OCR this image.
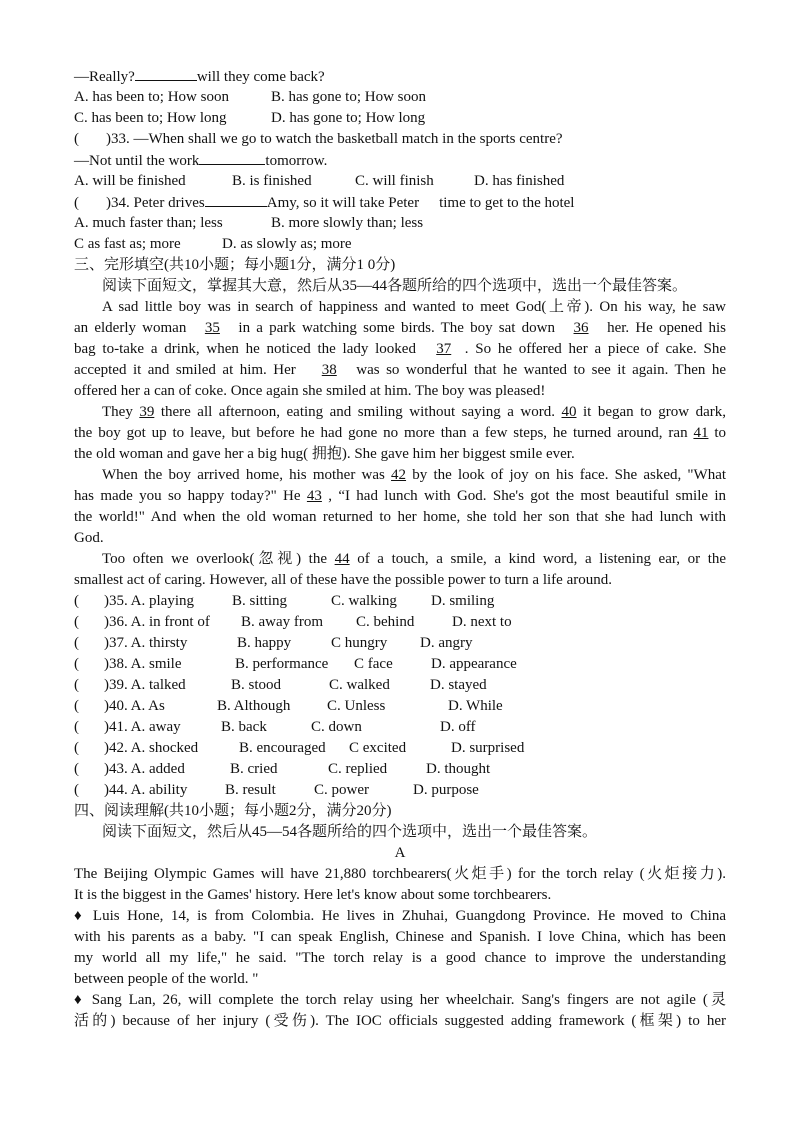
—Really?	will they come back?
A. has been to; How soon	B. has gone to; How soon
C. has been to; How long	D. has gone to; How long
( )33. —When shall we go to watch the basketball match in the sports centre?
—Not until the work	tomorrow.
A. will be finished	B. is finished	C. will finish	D. has finished
( )34. Peter drives	Amy, so it will take Peter time to get to the hotel
A. much faster than; less	B. more slowly than; less
C as fast as; more	D. as slowly as; more
三、完形填空(共10小题；每小题1分，满分1 0分)
阅读下面短文，掌握其大意，然后从35—44各题所给的四个选项中，选出一个最佳答案。
A sad little boy was in search of happiness and wanted to meet God(上帝). On his way, he saw
an elderly woman 35 in a park watching some birds. The boy sat down 36 her. He opened his
bag to-take a drink, when he noticed the lady looked 37 . So he offered her a piece of cake. She
accepted it and smiled at him. Her 38 was so wonderful that he wanted to see it again. Then he
offered her a can of coke. Once again she smiled at him. The boy was pleased!
They 39 there all afternoon, eating and smiling without saying a word. 40 it began to grow dark,
the boy got up to leave, but before he had gone no more than a few steps, he turned around, ran 41 to
the old woman and gave her a big hug( 拥抱). She gave him her biggest smile ever.
When the boy arrived home, his mother was 42 by the look of joy on his face. She asked, "What
has made you so happy today?" He 43 , “I had lunch with God. She's got the most beautiful smile in
the world!" And when the old woman returned to her home, she told her son that she had lunch with
God.
Too often we overlook(忽视) the 44 of a touch, a smile, a kind word, a listening ear, or the
smallest act of caring. However, all of these have the possible power to turn a life around.
( )35. A. playing	B. sitting	C. walking D. smiling
( )36. A. in front of B. away from C. behind	D. next to
( )37. A. thirsty	B. happy	C hungry D. angry
( )38. A. smile	B. performance C face	D. appearance
( )39. A. talked	B. stood	C. walked	D. stayed
( )40. A. As	B. Although C. Unless	D. While
( )41. A. away	B. back	C. down	D. off
( )42. A. shocked	B. encouraged C excited	D. surprised
( )43. A. added	B. cried	C. replied	D. thought
( )44. A. ability	B. result	C. power	D. purpose
四、阅读理解(共10小题；每小题2分，满分20分)
阅读下面短文，然后从45—54各题所给的四个选项中，选出一个最佳答案。
A
The Beijing Olympic Games will have 21,880 torchbearers(火炬手) for the torch relay (火炬接力).
It is the biggest in the Games' history. Here let's know about some torchbearers.
♦ Luis Hone, 14, is from Colombia. He lives in Zhuhai, Guangdong Province. He moved to China
with his parents as a baby. "I can speak English, Chinese and Spanish. I love China, which has been
my world all my life," he said. "The torch relay is a good chance to improve the understanding
between people of the world. "
♦ Sang Lan, 26, will complete the torch relay using her wheelchair. Sang's fingers are not agile (灵
活的) because of her injury (受伤). The IOC officials suggested adding framework (框架) to her
